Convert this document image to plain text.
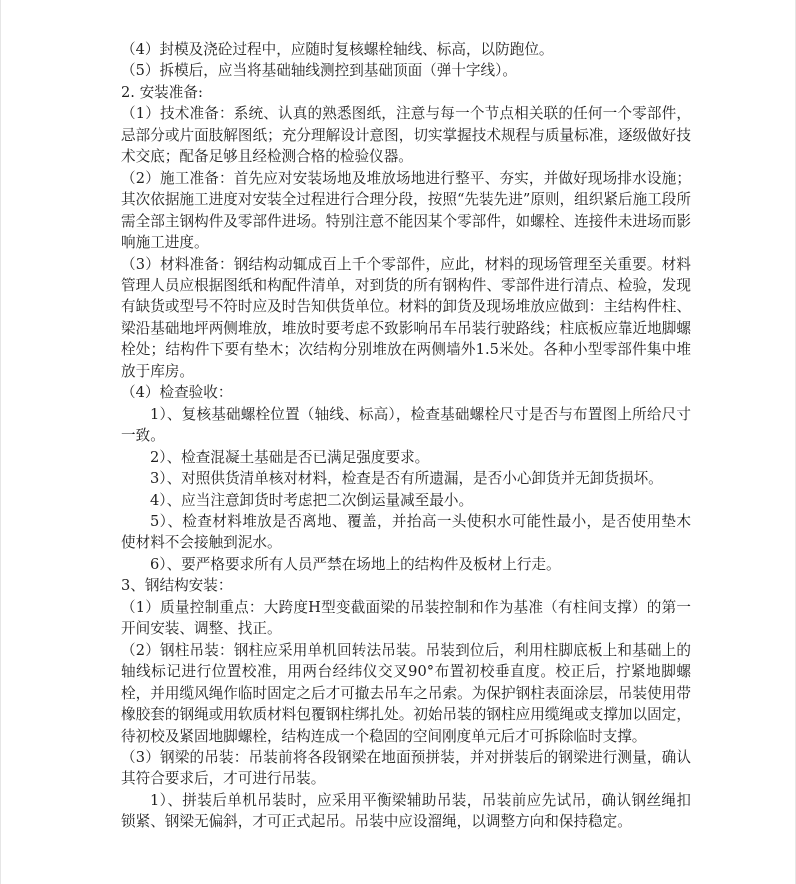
（4）封模及浇砼过程中，应随时复核螺栓轴线、标高，以防跑位。

（5）拆模后，应当将基础轴线测控到基础顶面（弹十字线）。

2. 安装准备:

（1）技术准备：系统、认真的熟悉图纸，注意与每一个节点相关联的任何一个零部件，忌部分或片面肢解图纸；充分理解设计意图，切实掌握技术规程与质量标准，逐级做好技术交底；配备足够且经检测合格的检验仪器。

（2）施工准备：首先应对安装场地及堆放场地进行整平、夯实，并做好现场排水设施；其次依据施工进度对安装全过程进行合理分段，按照“先装先进”原则，组织紧后施工段所需全部主钢构件及零部件进场。特别注意不能因某个零部件，如螺栓、连接件未进场而影响施工进度。

（3）材料准备：钢结构动辄成百上千个零部件，应此，材料的现场管理至关重要。材料管理人员应根据图纸和构配件清单，对到货的所有钢构件、零部件进行清点、检验，发现有缺货或型号不符时应及时告知供货单位。材料的卸货及现场堆放应做到：主结构件柱、梁沿基础地坪两侧堆放，堆放时要考虑不致影响吊车吊装行驶路线；柱底板应靠近地脚螺栓处；结构件下要有垫木；次结构分别堆放在两侧墙外1.5米处。各种小型零部件集中堆放于库房。

（4）检查验收：

1）、复核基础螺栓位置（轴线、标高），检查基础螺栓尺寸是否与布置图上所给尺寸一致。

2）、检查混凝土基础是否已满足强度要求。

3）、对照供货清单核对材料，检查是否有所遗漏，是否小心卸货并无卸货损坏。

4）、应当注意卸货时考虑把二次倒运量减至最小。

5）、检查材料堆放是否离地、覆盖，并抬高一头使积水可能性最小，是否使用垫木使材料不会接触到泥水。

6）、要严格要求所有人员严禁在场地上的结构件及板材上行走。

3、钢结构安装：

（1）质量控制重点：大跨度H型变截面梁的吊装控制和作为基准（有柱间支撑）的第一开间安装、调整、找正。

（2）钢柱吊装：钢柱应采用单机回转法吊装。吊装到位后，利用柱脚底板上和基础上的轴线标记进行位置校准，用两台经纬仪交叉90°布置初校垂直度。校正后，拧紧地脚螺栓，并用缆风绳作临时固定之后才可撤去吊车之吊索。为保护钢柱表面涂层，吊装使用带橡胶套的钢绳或用软质材料包覆钢柱绑扎处。初始吊装的钢柱应用缆绳或支撑加以固定，待初校及紧固地脚螺栓，结构连成一个稳固的空间刚度单元后才可拆除临时支撑。

（3）钢梁的吊装：吊装前将各段钢梁在地面预拼装，并对拼装后的钢梁进行测量，确认其符合要求后，才可进行吊装。

1）、拼装后单机吊装时，应采用平衡梁辅助吊装，吊装前应先试吊，确认钢丝绳扣锁紧、钢梁无偏斜，才可正式起吊。吊装中应设溜绳，以调整方向和保持稳定。
